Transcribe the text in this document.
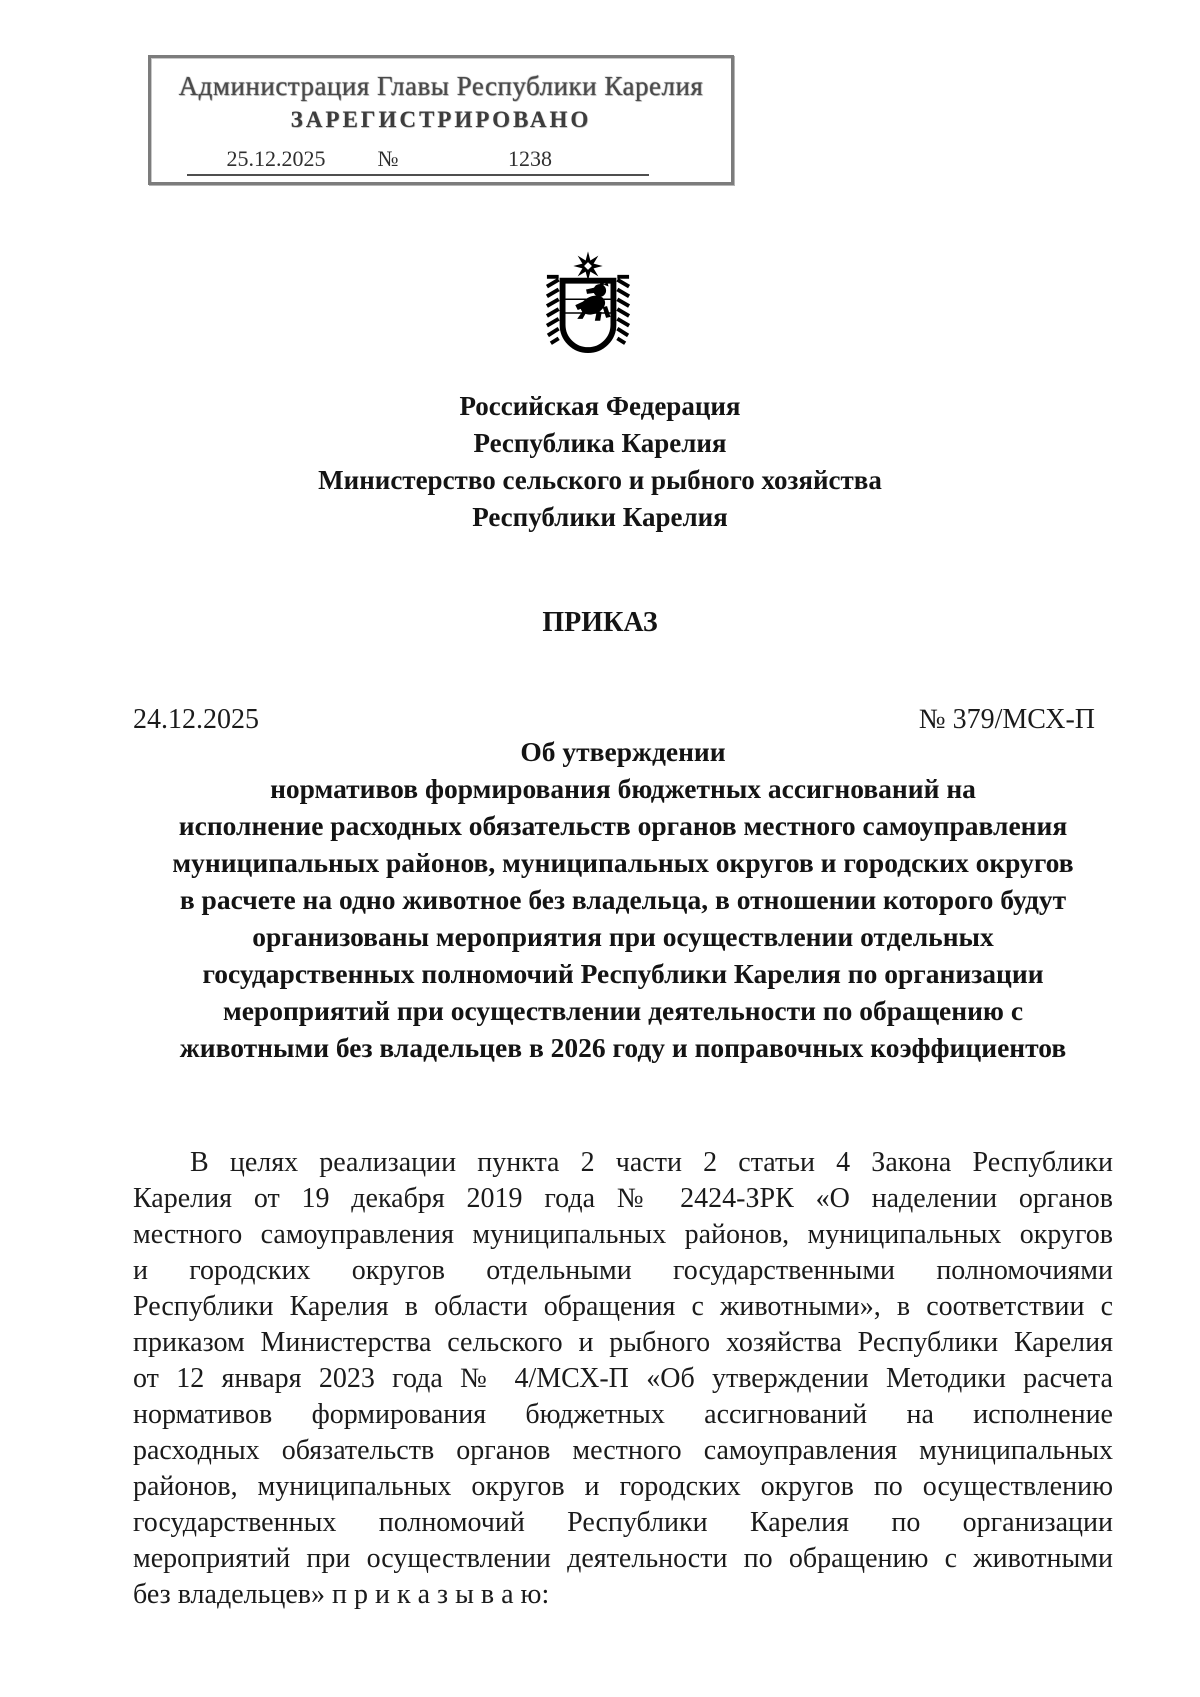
Администрация Главы Республики Карелия
ЗАРЕГИСТРИРОВАНО
25.12.2025	№	1238
Российская Федерация
Республика Карелия
Министерство сельского и рыбного хозяйства
Республики Карелия
ПРИКАЗ
24.12.2025	№ 379/МСХ-П
Об утверждении
нормативов формирования бюджетных ассигнований на
исполнение расходных обязательств органов местного самоуправления
муниципальных районов, муниципальных округов и городских округов
в расчете на одно животное без владельца, в отношении которого будут
организованы мероприятия при осуществлении отдельных
государственных полномочий Республики Карелия по организации
мероприятий при осуществлении деятельности по обращению с
животными без владельцев в 2026 году и поправочных коэффициентов
В целях реализации пункта 2 части 2 статьи 4 Закона Республики
Карелия от 19 декабря 2019 года № 2424-ЗРК «О наделении органов
местного самоуправления муниципальных районов, муниципальных округов
и городских округов отдельными государственными полномочиями
Республики Карелия в области обращения с животными», в соответствии с
приказом Министерства сельского и рыбного хозяйства Республики Карелия
от 12 января 2023 года № 4/МСХ-П «Об утверждении Методики расчета
нормативов формирования бюджетных ассигнований на исполнение
расходных обязательств органов местного самоуправления муниципальных
районов, муниципальных округов и городских округов по осуществлению
государственных полномочий Республики Карелия по организации
мероприятий при осуществлении деятельности по обращению с животными
без владельцев» п р и к а з ы в а ю:
